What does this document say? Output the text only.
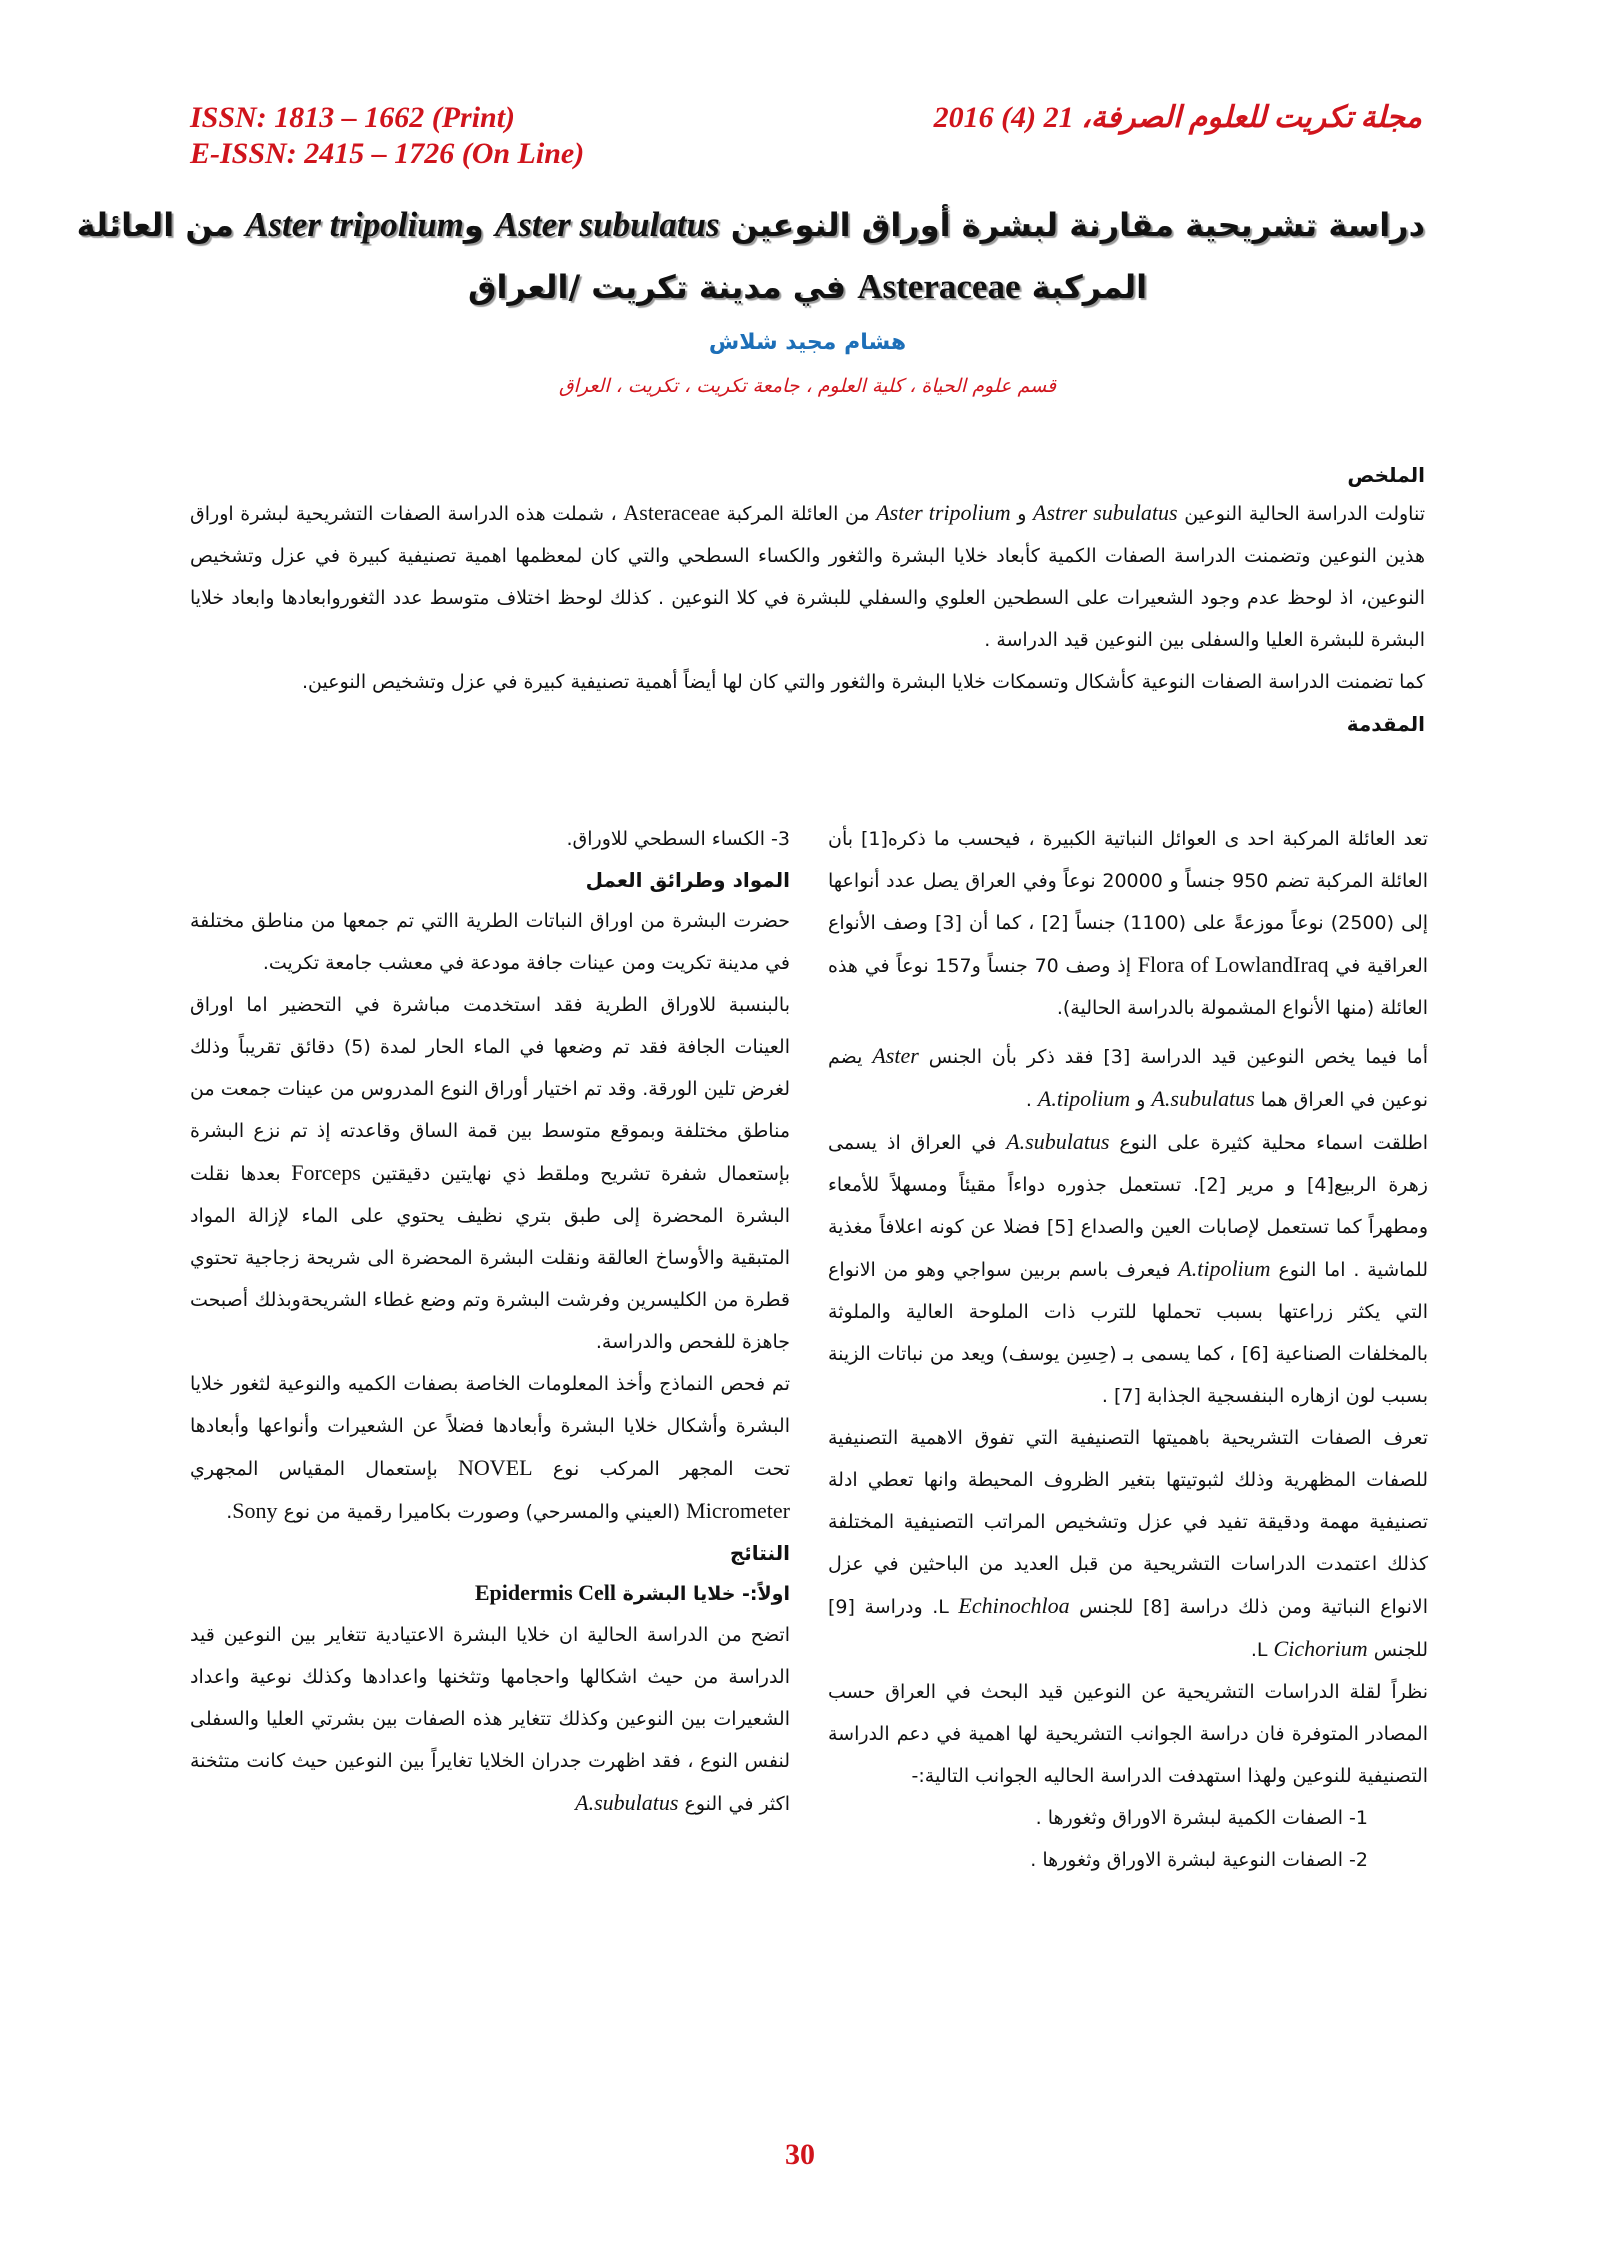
ISSN: 1813 – 1662 (Print)
E-ISSN: 2415 – 1726 (On Line)
مجلة تكريت للعلوم الصرفة، 21 (4) 2016
دراسة تشريحية مقارنة لبشرة أوراق النوعين Aster subulatus وAster tripolium من العائلة
المركبة Asteraceae في مدينة تكريت /العراق
هشام مجيد شلاش
قسم علوم الحياة ، كلية العلوم ، جامعة تكريت ، تكريت ، العراق
الملخص
تناولت الدراسة الحالية النوعين Astrer subulatus و Aster tripolium من العائلة المركبة Asteraceae ، شملت هذه الدراسة الصفات التشريحية لبشرة اوراق هذين النوعين وتضمنت الدراسة الصفات الكمية كأبعاد خلايا البشرة والثغور والكساء السطحي والتي كان لمعظمها اهمية تصنيفية كبيرة في عزل وتشخيص النوعين، اذ لوحظ عدم وجود الشعيرات على السطحين العلوي والسفلي للبشرة في كلا النوعين . كذلك لوحظ اختلاف متوسط عدد الثغوروابعادها وابعاد خلايا البشرة للبشرة العليا والسفلى بين النوعين قيد الدراسة .
كما تضمنت الدراسة الصفات النوعية كأشكال وتسمكات خلايا البشرة والثغور والتي كان لها أيضاً أهمية تصنيفية كبيرة في عزل وتشخيص النوعين.
المقدمة
تعد العائلة المركبة احد ى العوائل النباتية الكبيرة ، فيحسب ما ذكره[1] بأن العائلة المركبة تضم 950 جنساً و 20000 نوعاً وفي العراق يصل عدد أنواعها إلى (2500) نوعاً موزعةً على (1100) جنساً [2] ، كما أن [3] وصف الأنواع العراقية في Flora of LowlandIraq إذ وصف 70 جنساً و157 نوعاً في هذه العائلة (منها الأنواع المشمولة بالدراسة الحالية).
أما فيما يخص النوعين قيد الدراسة [3] فقد ذكر بأن الجنس Aster يضم نوعين في العراق هما A.subulatus و A.tipolium .
اطلقت اسماء محلية كثيرة على النوع A.subulatus في العراق اذ يسمى زهرة الربيع[4] و مرير [2]. تستعمل جذوره دواءاً مقيئاً ومسهلاً للأمعاء ومطهراً كما تستعمل لإصابات العين والصداع [5] فضلا عن كونه اعلافاً مغذية للماشية . اما النوع A.tipolium فيعرف باسم بربين سواجي وهو من الانواع التي يكثر زراعتها بسبب تحملها للترب ذات الملوحة العالية والملوثة بالمخلفات الصناعية [6] ، كما يسمى بـ (حِسِن يوسف) ويعد من نباتات الزينة بسبب لون ازهاره البنفسجية الجذابة [7] .
تعرف الصفات التشريحية باهميتها التصنيفية التي تفوق الاهمية التصنيفية للصفات المظهرية وذلك لثبوتيتها بتغير الظروف المحيطة وانها تعطي ادلة تصنيفية مهمة ودقيقة تفيد في عزل وتشخيص المراتب التصنيفية المختلفة كذلك اعتمدت الدراسات التشريحية من قبل العديد من الباحثين في عزل الانواع النباتية ومن ذلك دراسة [8] للجنس Echinochloa L. ودراسة [9] للجنس Cichorium L.
نظراً لقلة الدراسات التشريحية عن النوعين قيد البحث في العراق حسب المصادر المتوفرة فان دراسة الجوانب التشريحية لها اهمية في دعم الدراسة التصنيفية للنوعين ولهذا استهدفت الدراسة الحاليه الجوانب التالية:-
1- الصفات الكمية لبشرة الاوراق وثغورها .
2- الصفات النوعية لبشرة الاوراق وثغورها .
3- الكساء السطحي للاوراق.
المواد وطرائق العمل
حضرت البشرة من اوراق النباتات الطرية االتي تم جمعها من مناطق مختلفة في مدينة تكريت ومن عينات جافة مودعة في معشب جامعة تكريت.
بالبنسبة للاوراق الطرية فقد استخدمت مباشرة في التحضير اما اوراق العينات الجافة فقد تم وضعها في الماء الحار لمدة (5) دقائق تقريباً وذلك لغرض تلين الورقة. وقد تم اختيار أوراق النوع المدروس من عينات جمعت من مناطق مختلفة وبموقع متوسط بين قمة الساق وقاعدته إذ تم نزع البشرة بإستعمال شفرة تشريح وملقط ذي نهايتين دقيقتين Forceps بعدها نقلت البشرة المحضرة إلى طبق بتري نظيف يحتوي على الماء لإزالة المواد المتبقية والأوساخ العالقة ونقلت البشرة المحضرة الى شريحة زجاجية تحتوي قطرة من الكليسرين وفرشت البشرة وتم وضع غطاء الشريحةوبذلك أصبحت جاهزة للفحص والدراسة.
تم فحص النماذج وأخذ المعلومات الخاصة بصفات الكميه والنوعية لثغور خلايا البشرة وأشكال خلايا البشرة وأبعادها فضلاً عن الشعيرات وأنواعها وأبعادها تحت المجهر المركب نوع NOVEL بإستعمال المقياس المجهري Micrometer (العيني والمسرحي) وصورت بكاميرا رقمية من نوع Sony.
النتائج
اولاً:- خلايا البشرة Epidermis Cell
اتضح من الدراسة الحالية ان خلايا البشرة الاعتيادية تتغاير بين النوعين قيد الدراسة من حيث اشكالها واحجامها وتثخنها واعدادها وكذلك نوعية واعداد الشعيرات بين النوعين وكذلك تتغاير هذه الصفات بين بشرتي العليا والسفلى لنفس النوع ، فقد اظهرت جدران الخلايا تغايراً بين النوعين حيث كانت متثخنة اكثر في النوع A.subulatus
30
